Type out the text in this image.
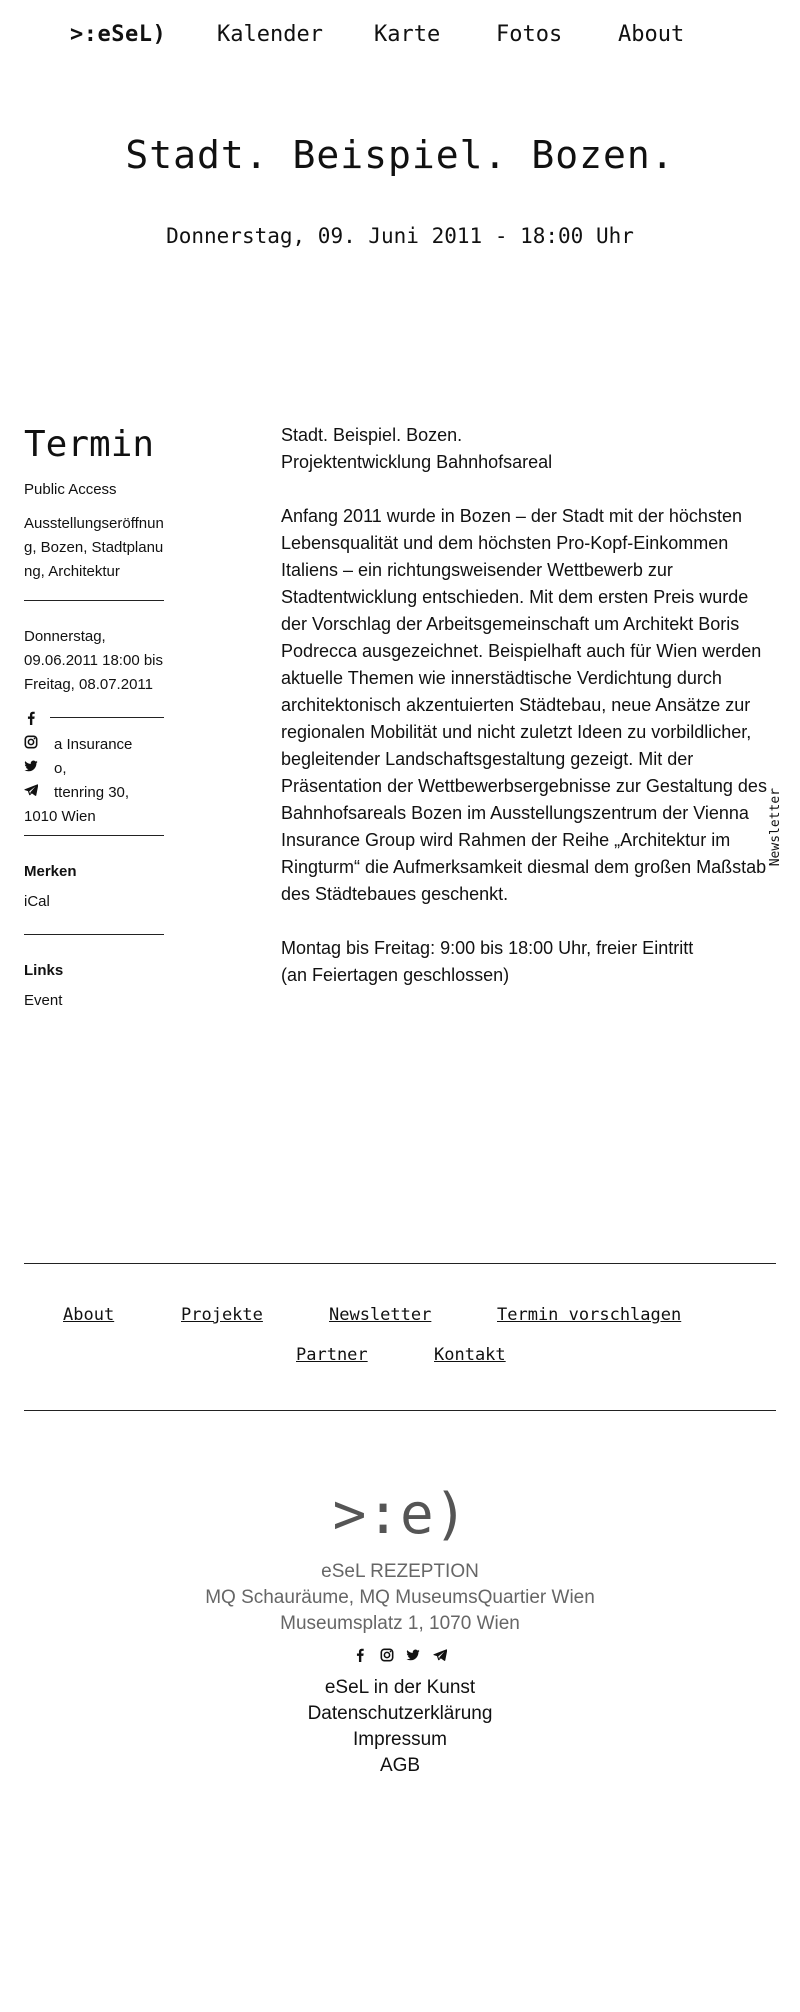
>:eSeL) Kalender Karte	Fotos	About
Stadt. Beispiel. Bozen.
Donnerstag, 09. Juni 2011 - 18:00 Uhr
Termin

Public Access

Ausstellungseröffnung, Bozen, Stadtplanung, Architektur

Donnerstag, 09.06.2011 18:00 bis Freitag, 08.07.2011

a Insurance
o,
ttenring 30,
1010 Wien
Merken
iCal
Links
Event

Stadt. Beispiel. Bozen.
Projektentwicklung Bahnhofsareal

Anfang 2011 wurde in Bozen – der Stadt mit der höchsten Lebensqualität und dem höchsten Pro-Kopf-Einkommen Italiens – ein richtungsweisender Wettbewerb zur Stadtentwicklung entschieden. Mit dem ersten Preis wurde der Vorschlag der Arbeitsgemeinschaft um Architekt Boris Podrecca ausgezeichnet. Beispielhaft auch für Wien werden aktuelle Themen wie innerstädtische Verdichtung durch architektonisch akzentuierten Städtebau, neue Ansätze zur regionalen Mobilität und nicht zuletzt Ideen zu vorbildlicher, begleitender Landschaftsgestaltung gezeigt. Mit der Präsentation der Wettbewerbsergebnisse zur Gestaltung des Bahnhofsareals Bozen im Ausstellungszentrum der Vienna Insurance Group wird Rahmen der Reihe „Architektur im Ringturm“ die Aufmerksamkeit diesmal dem großen Maßstab des Städtebaues geschenkt.

Montag bis Freitag: 9:00 bis 18:00 Uhr, freier Eintritt
(an Feiertagen geschlossen)

Newsletter
About	Projekte	Newsletter	Termin vorschlagen
Partner	Kontakt
>:e)
eSeL REZEPTION
MQ Schauräume, MQ MuseumsQuartier Wien
Museumsplatz 1, 1070 Wien

eSeL in der Kunst
Datenschutzerklärung
Impressum
AGB
